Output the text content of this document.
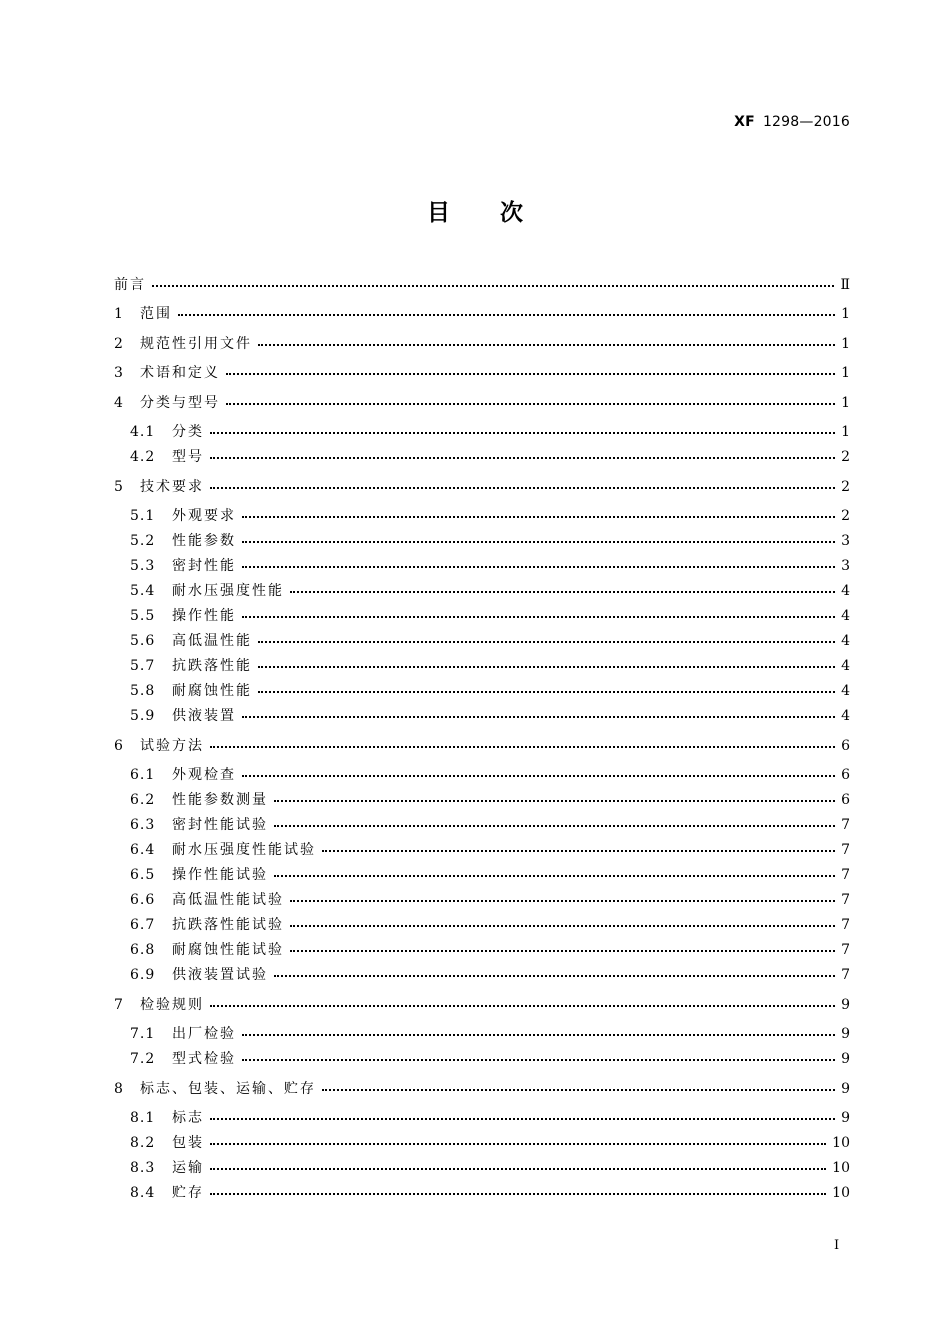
XF 1298—2016
目次
前言	Ⅱ
1	范围	1
2	规范性引用文件	1
3	术语和定义	1
4	分类与型号	1
4.1	分类	1
4.2	型号	2
5	技术要求	2
5.1	外观要求	2
5.2	性能参数	3
5.3	密封性能	3
5.4	耐水压强度性能	4
5.5	操作性能	4
5.6	高低温性能	4
5.7	抗跌落性能	4
5.8	耐腐蚀性能	4
5.9	供液装置	4
6	试验方法	6
6.1	外观检查	6
6.2	性能参数测量	6
6.3	密封性能试验	7
6.4	耐水压强度性能试验	7
6.5	操作性能试验	7
6.6	高低温性能试验	7
6.7	抗跌落性能试验	7
6.8	耐腐蚀性能试验	7
6.9	供液装置试验	7
7	检验规则	9
7.1	出厂检验	9
7.2	型式检验	9
8	标志、包装、运输、贮存	9
8.1	标志	9
8.2	包装	10
8.3	运输	10
8.4	贮存	10
Ⅰ
